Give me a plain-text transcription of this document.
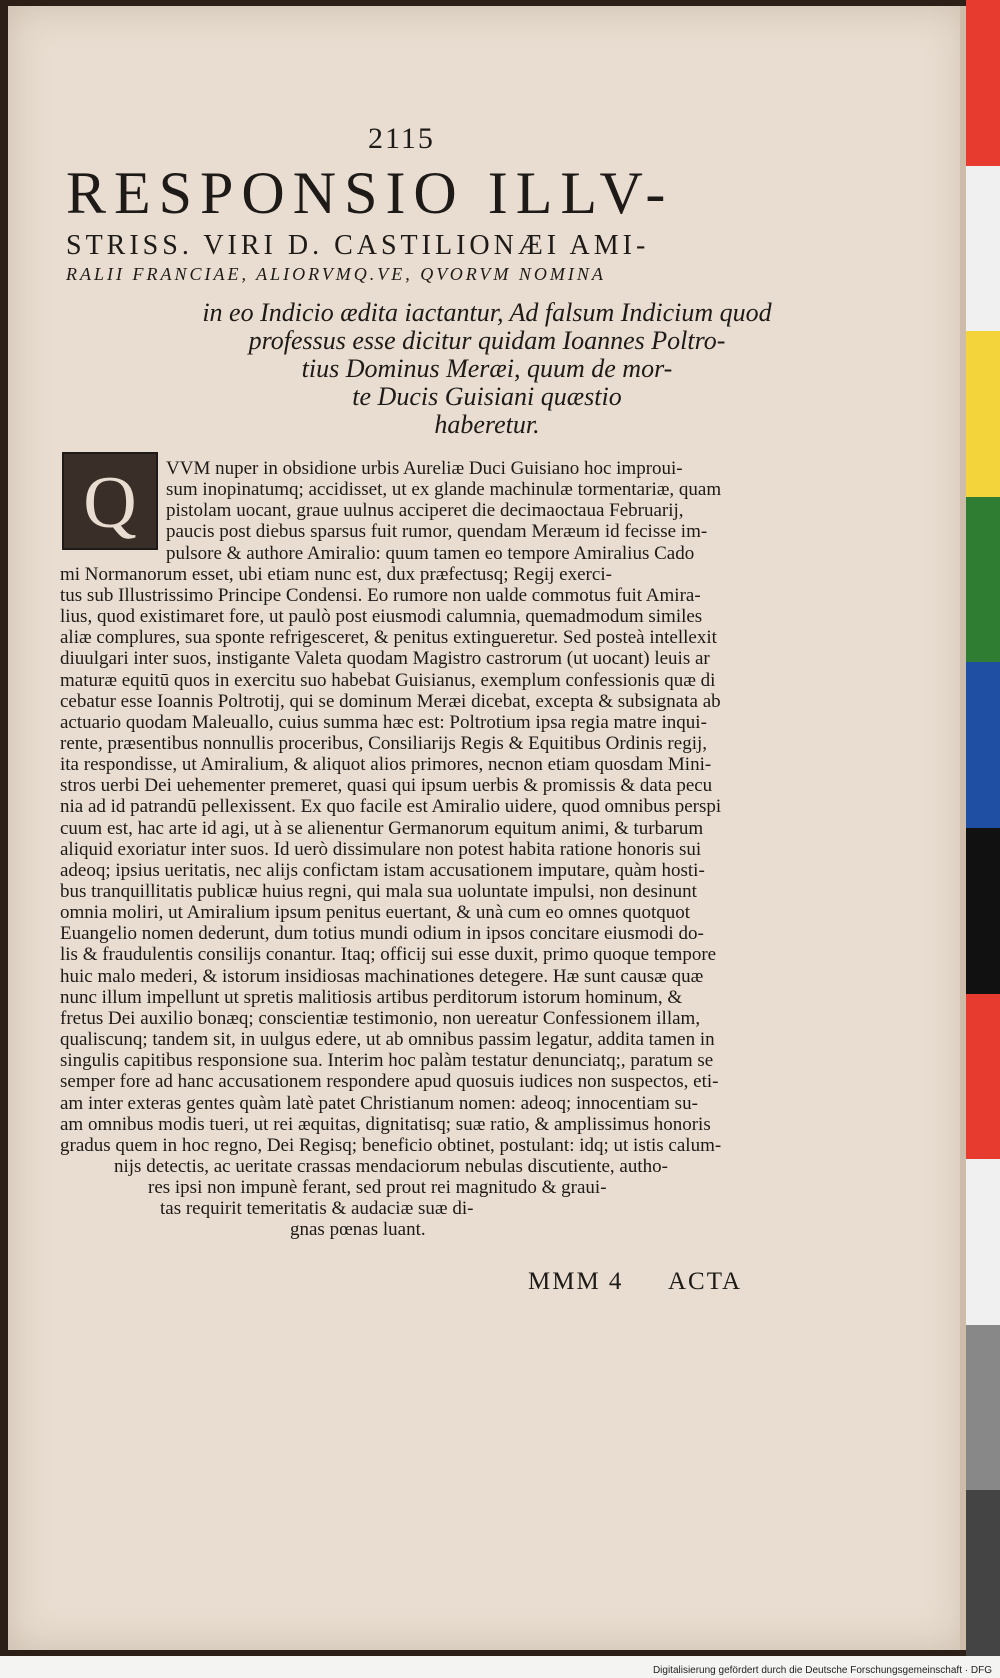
2115
RESPONSIO ILLV-
STRISS. VIRI D. CASTILIONÆI AMI-
RALII FRANCIAE, ALIORVMQ.VE, QVORVM NOMINA
in eo Indicio ædita iactantur, Ad falsum Indicium quod
professus esse dicitur quidam Ioannes Poltro-
tius Dominus Meræi, quum de mor-
te Ducis Guisiani quæstio
haberetur.
Q	VVM nuper in obsidione urbis Aureliæ Duci Guisiano hoc improui-
sum inopinatumq; accidisset, ut ex glande machinulæ tormentariæ, quam
pistolam uocant, graue uulnus acciperet die decimaoctaua Februarij,
paucis post diebus sparsus fuit rumor, quendam Meræum id fecisse im-
pulsore & authore Amiralio: quum tamen eo tempore Amiralius Cado
mi Normanorum esset, ubi etiam nunc est, dux præfectusq; Regij exerci-
tus sub Illustrissimo Principe Condensi. Eo rumore non ualde commotus fuit Amira-
lius, quod existimaret fore, ut paulò post eiusmodi calumnia, quemadmodum similes
aliæ complures, sua sponte refrigesceret, & penitus extingueretur. Sed posteà intellexit
diuulgari inter suos, instigante Valeta quodam Magistro castrorum (ut uocant) leuis ar
maturæ equitū quos in exercitu suo habebat Guisianus, exemplum confessionis quæ di
cebatur esse Ioannis Poltrotij, qui se dominum Meræi dicebat, excepta & subsignata ab
actuario quodam Maleuallo, cuius summa hæc est: Poltrotium ipsa regia matre inqui-
rente, præsentibus nonnullis proceribus, Consiliarijs Regis & Equitibus Ordinis regij,
ita respondisse, ut Amiralium, & aliquot alios primores, necnon etiam quosdam Mini-
stros uerbi Dei uehementer premeret, quasi qui ipsum uerbis & promissis & data pecu
nia ad id patrandū pellexissent. Ex quo facile est Amiralio uidere, quod omnibus perspi
cuum est, hac arte id agi, ut à se alienentur Germanorum equitum animi, & turbarum
aliquid exoriatur inter suos. Id uerò dissimulare non potest habita ratione honoris sui
adeoq; ipsius ueritatis, nec alijs confictam istam accusationem imputare, quàm hosti-
bus tranquillitatis publicæ huius regni, qui mala sua uoluntate impulsi, non desinunt
omnia moliri, ut Amiralium ipsum penitus euertant, & unà cum eo omnes quotquot
Euangelio nomen dederunt, dum totius mundi odium in ipsos concitare eiusmodi do-
lis & fraudulentis consilijs conantur. Itaq; officij sui esse duxit, primo quoque tempore
huic malo mederi, & istorum insidiosas machinationes detegere. Hæ sunt causæ quæ
nunc illum impellunt ut spretis malitiosis artibus perditorum istorum hominum, &
fretus Dei auxilio bonæq; conscientiæ testimonio, non uereatur Confessionem illam,
qualiscunq; tandem sit, in uulgus edere, ut ab omnibus passim legatur, addita tamen in
singulis capitibus responsione sua. Interim hoc palàm testatur denunciatq;, paratum se
semper fore ad hanc accusationem respondere apud quosuis iudices non suspectos, eti-
am inter exteras gentes quàm latè patet Christianum nomen: adeoq; innocentiam su-
am omnibus modis tueri, ut rei æquitas, dignitatisq; suæ ratio, & amplissimus honoris
gradus quem in hoc regno, Dei Regisq; beneficio obtinet, postulant: idq; ut istis calum-
nijs detectis, ac ueritate crassas mendaciorum nebulas discutiente, autho-
res ipsi non impunè ferant, sed prout rei magnitudo & graui-
tas requirit temeritatis & audaciæ suæ di-
gnas pœnas luant.
MMM 4 ACTA
Digitalisierung gefördert durch die Deutsche Forschungsgemeinschaft · DFG
